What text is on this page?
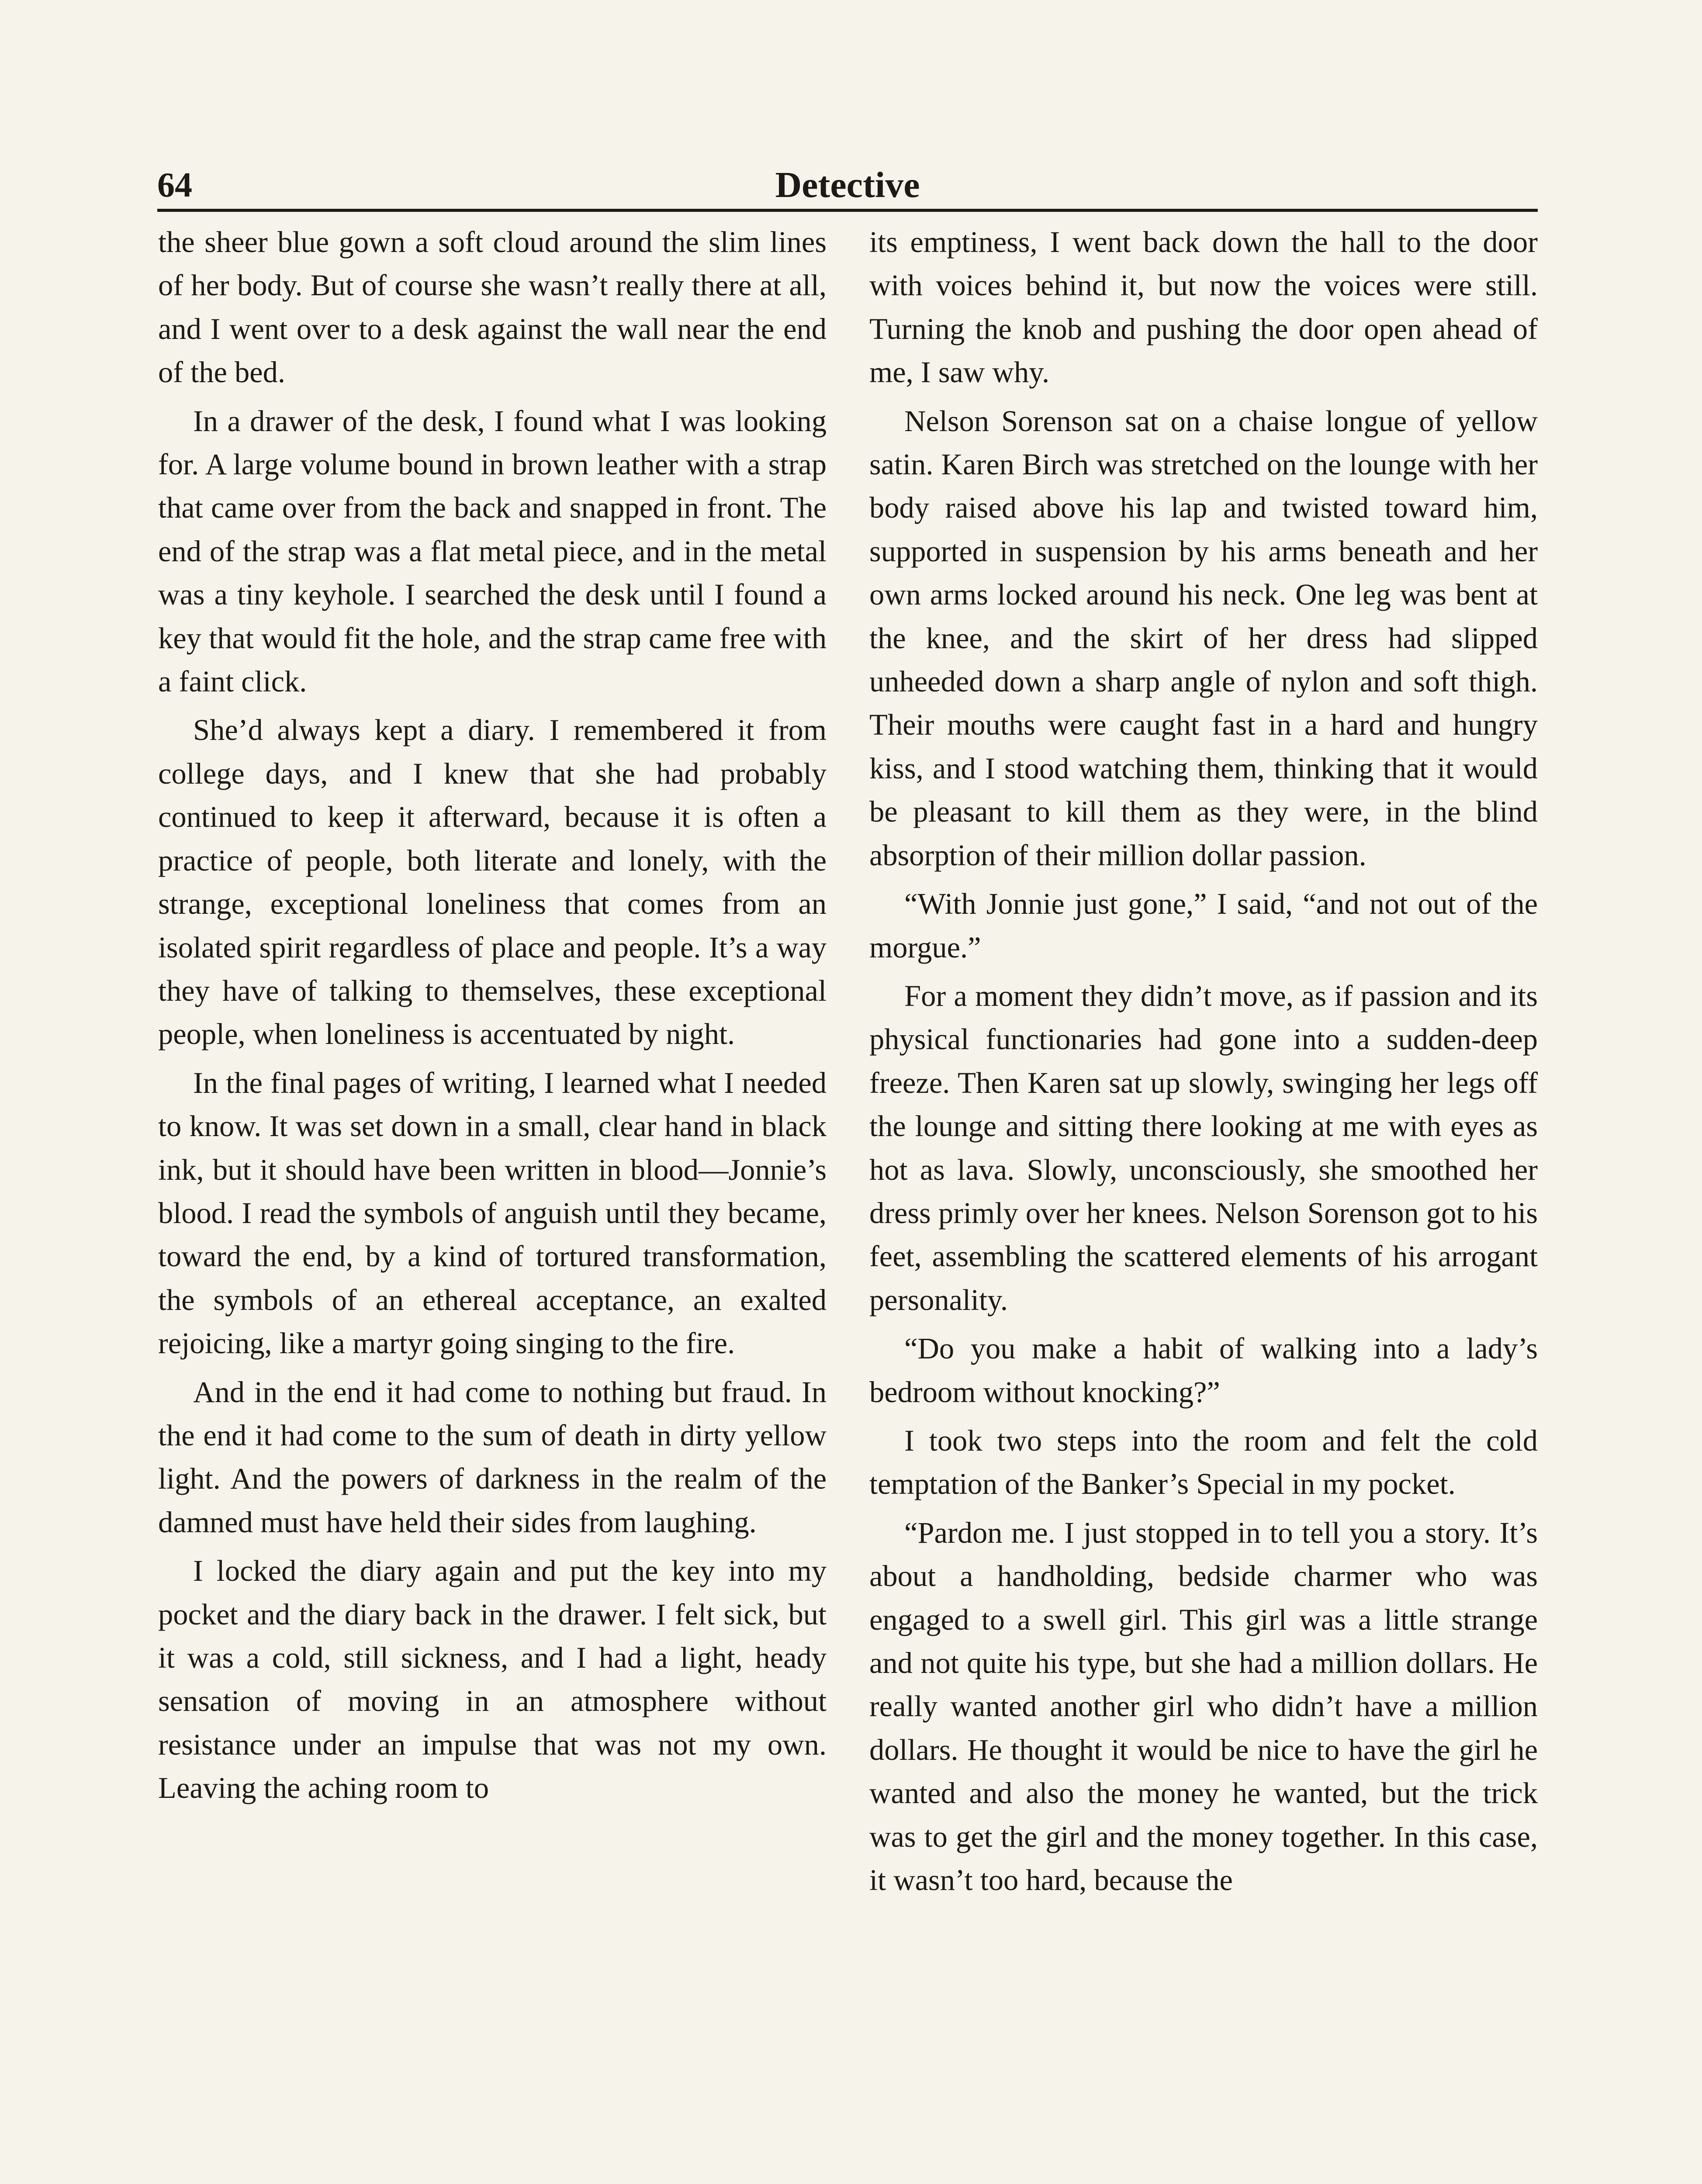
64	Detective

the sheer blue gown a soft cloud around the slim lines of her body. But of course she wasn’t really there at all, and I went over to a desk against the wall near the end of the bed.

In a drawer of the desk, I found what I was looking for. A large volume bound in brown leather with a strap that came over from the back and snapped in front. The end of the strap was a flat metal piece, and in the metal was a tiny keyhole. I searched the desk until I found a key that would fit the hole, and the strap came free with a faint click.

She’d always kept a diary. I remembered it from college days, and I knew that she had probably continued to keep it afterward, because it is often a practice of people, both literate and lonely, with the strange, exceptional loneliness that comes from an isolated spirit regardless of place and people. It’s a way they have of talking to themselves, these exceptional people, when loneliness is accentuated by night.

In the final pages of writing, I learned what I needed to know. It was set down in a small, clear hand in black ink, but it should have been written in blood—Jonnie’s blood. I read the symbols of anguish until they became, toward the end, by a kind of tortured transformation, the symbols of an ethereal acceptance, an exalted rejoicing, like a martyr going singing to the fire.

And in the end it had come to nothing but fraud. In the end it had come to the sum of death in dirty yellow light. And the powers of darkness in the realm of the damned must have held their sides from laughing.

I locked the diary again and put the key into my pocket and the diary back in the drawer. I felt sick, but it was a cold, still sickness, and I had a light, heady sensation of moving in an atmosphere without resistance under an impulse that was not my own. Leaving the aching room to

its emptiness, I went back down the hall to the door with voices behind it, but now the voices were still. Turning the knob and pushing the door open ahead of me, I saw why.

Nelson Sorenson sat on a chaise longue of yellow satin. Karen Birch was stretched on the lounge with her body raised above his lap and twisted toward him, supported in suspension by his arms beneath and her own arms locked around his neck. One leg was bent at the knee, and the skirt of her dress had slipped unheeded down a sharp angle of nylon and soft thigh. Their mouths were caught fast in a hard and hungry kiss, and I stood watching them, thinking that it would be pleasant to kill them as they were, in the blind absorption of their million dollar passion.

“With Jonnie just gone,” I said, “and not out of the morgue.”

For a moment they didn’t move, as if passion and its physical functionaries had gone into a sudden-deep freeze. Then Karen sat up slowly, swinging her legs off the lounge and sitting there looking at me with eyes as hot as lava. Slowly, unconsciously, she smoothed her dress primly over her knees. Nelson Sorenson got to his feet, assembling the scattered elements of his arrogant personality.

“Do you make a habit of walking into a lady’s bedroom without knocking?”

I took two steps into the room and felt the cold temptation of the Banker’s Special in my pocket.

“Pardon me. I just stopped in to tell you a story. It’s about a handholding, bedside charmer who was engaged to a swell girl. This girl was a little strange and not quite his type, but she had a million dollars. He really wanted another girl who didn’t have a million dollars. He thought it would be nice to have the girl he wanted and also the money he wanted, but the trick was to get the girl and the money together. In this case, it wasn’t too hard, because the
